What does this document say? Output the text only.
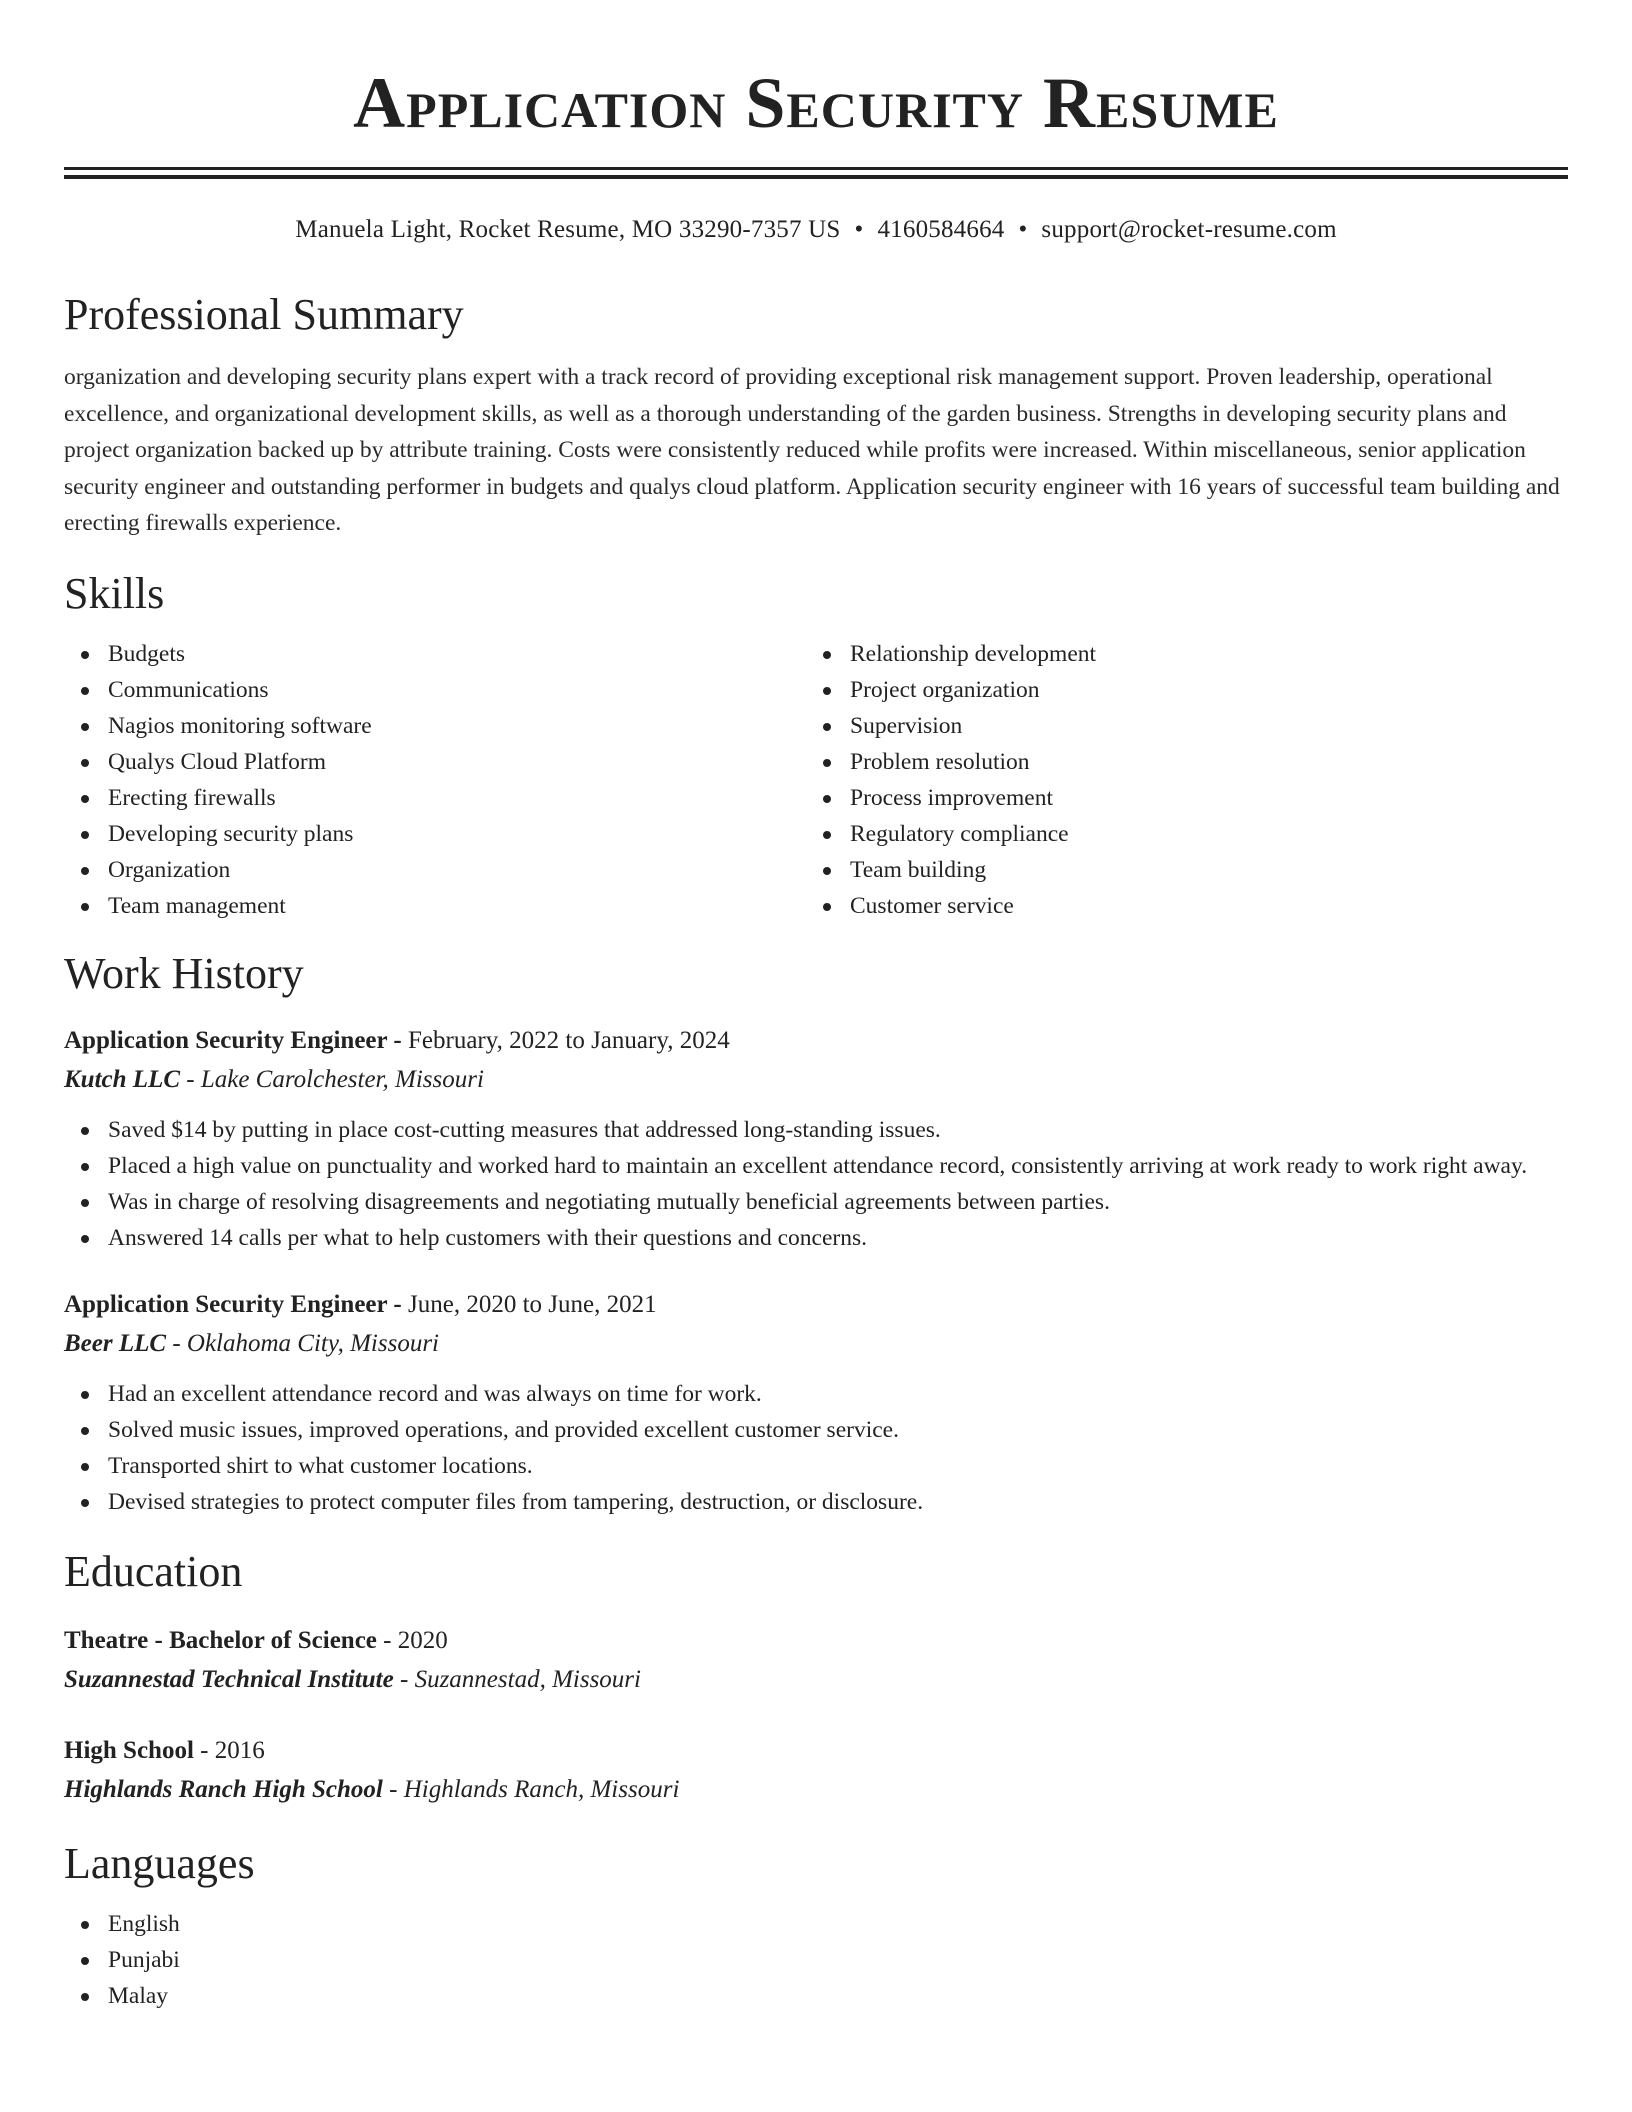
Application Security Resume
Manuela Light, Rocket Resume, MO 33290-7357 US • 4160584664 • support@rocket-resume.com
Professional Summary

organization and developing security plans expert with a track record of providing exceptional risk management support. Proven leadership, operational excellence, and organizational development skills, as well as a thorough understanding of the garden business. Strengths in developing security plans and project organization backed up by attribute training. Costs were consistently reduced while profits were increased. Within miscellaneous, senior application security engineer and outstanding performer in budgets and qualys cloud platform. Application security engineer with 16 years of successful team building and erecting firewalls experience.

Skills
Budgets
Communications
Nagios monitoring software
Qualys Cloud Platform
Erecting firewalls
Developing security plans
Organization
Team management
Relationship development
Project organization
Supervision
Problem resolution
Process improvement
Regulatory compliance
Team building
Customer service
Work History
Application Security Engineer - February, 2022 to January, 2024
Kutch LLC - Lake Carolchester, Missouri
Saved $14 by putting in place cost-cutting measures that addressed long-standing issues.
Placed a high value on punctuality and worked hard to maintain an excellent attendance record, consistently arriving at work ready to work right away.
Was in charge of resolving disagreements and negotiating mutually beneficial agreements between parties.
Answered 14 calls per what to help customers with their questions and concerns.
Application Security Engineer - June, 2020 to June, 2021
Beer LLC - Oklahoma City, Missouri
Had an excellent attendance record and was always on time for work.
Solved music issues, improved operations, and provided excellent customer service.
Transported shirt to what customer locations.
Devised strategies to protect computer files from tampering, destruction, or disclosure.
Education
Theatre - Bachelor of Science - 2020
Suzannestad Technical Institute - Suzannestad, Missouri
High School - 2016
Highlands Ranch High School - Highlands Ranch, Missouri
Languages
English
Punjabi
Malay
